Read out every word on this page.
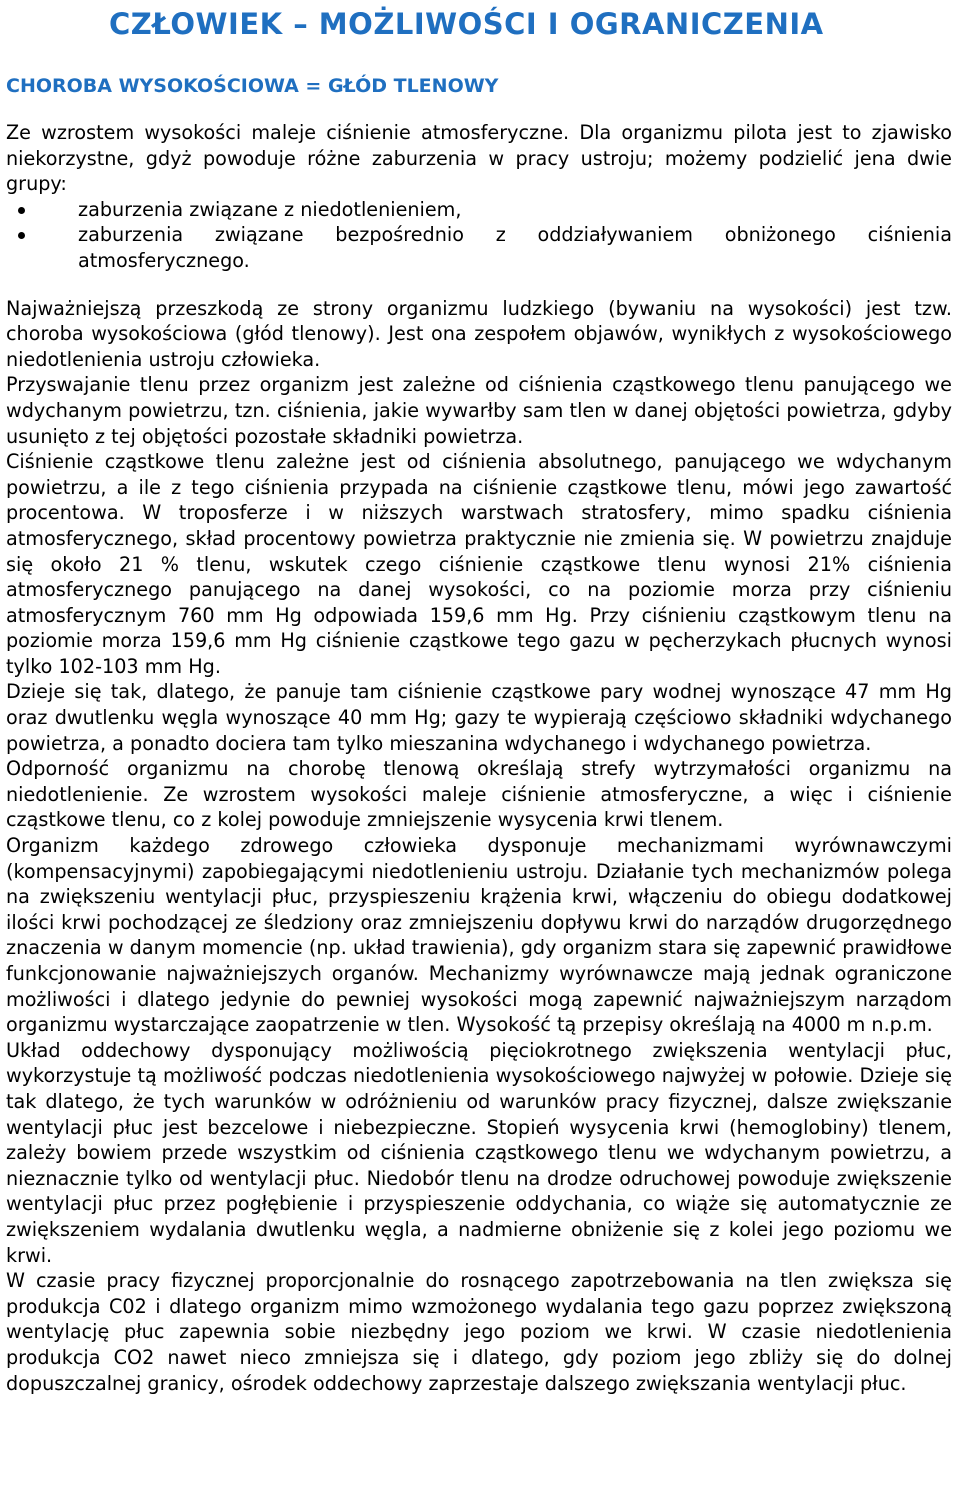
CZŁOWIEK – MOŻLIWOŚCI I OGRANICZENIA
CHOROBA WYSOKOŚCIOWA = GŁÓD TLENOWY

Ze wzrostem wysokości maleje ciśnienie atmosferyczne. Dla organizmu pilota jest to zjawisko niekorzystne, gdyż powoduje różne zaburzenia w pracy ustroju; możemy podzielić jena dwie grupy:

zaburzenia związane z niedotlenieniem,
zaburzenia związane bezpośrednio z oddziaływaniem obniżonego ciśnienia atmosferycznego.

Najważniejszą przeszkodą ze strony organizmu ludzkiego (bywaniu na wysokości) jest tzw. choroba wysokościowa (głód tlenowy). Jest ona zespołem objawów, wynikłych z wysokościowego niedotlenienia ustroju człowieka.

Przyswajanie tlenu przez organizm jest zależne od ciśnienia cząstkowego tlenu panującego we wdychanym powietrzu, tzn. ciśnienia, jakie wywarłby sam tlen w danej objętości powietrza, gdyby usunięto z tej objętości pozostałe składniki powietrza.

Ciśnienie cząstkowe tlenu zależne jest od ciśnienia absolutnego, panującego we wdychanym powietrzu, a ile z tego ciśnienia przypada na ciśnienie cząstkowe tlenu, mówi jego zawartość procentowa. W troposferze i w niższych warstwach stratosfery, mimo spadku ciśnienia atmosferycznego, skład procentowy powietrza praktycznie nie zmienia się. W powietrzu znajduje się około 21 % tlenu, wskutek czego ciśnienie cząstkowe tlenu wynosi 21% ciśnienia atmosferycznego panującego na danej wysokości, co na poziomie morza przy ciśnieniu atmosferycznym 760 mm Hg odpowiada 159,6 mm Hg. Przy ciśnieniu cząstkowym tlenu na poziomie morza 159,6 mm Hg ciśnienie cząstkowe tego gazu w pęcherzykach płucnych wynosi tylko 102-103 mm Hg.

Dzieje się tak, dlatego, że panuje tam ciśnienie cząstkowe pary wodnej wynoszące 47 mm Hg oraz dwutlenku węgla wynoszące 40 mm Hg; gazy te wypierają częściowo składniki wdychanego powietrza, a ponadto dociera tam tylko mieszanina wdychanego i wdychanego powietrza.

Odporność organizmu na chorobę tlenową określają strefy wytrzymałości organizmu na niedotlenienie. Ze wzrostem wysokości maleje ciśnienie atmosferyczne, a więc i ciśnienie cząstkowe tlenu, co z kolej powoduje zmniejszenie wysycenia krwi tlenem.

Organizm każdego zdrowego człowieka dysponuje mechanizmami wyrównawczymi (kompensacyjnymi) zapobiegającymi niedotlenieniu ustroju. Działanie tych mechanizmów polega na zwiększeniu wentylacji płuc, przyspieszeniu krążenia krwi, włączeniu do obiegu dodatkowej ilości krwi pochodzącej ze śledziony oraz zmniejszeniu dopływu krwi do narządów drugorzędnego znaczenia w danym momencie (np. układ trawienia), gdy organizm stara się zapewnić prawidłowe funkcjonowanie najważniejszych organów. Mechanizmy wyrównawcze mają jednak ograniczone możliwości i dlatego jedynie do pewniej wysokości mogą zapewnić najważniejszym narządom organizmu wystarczające zaopatrzenie w tlen. Wysokość tą przepisy określają na 4000 m n.p.m.

Układ oddechowy dysponujący możliwością pięciokrotnego zwiększenia wentylacji płuc, wykorzystuje tą możliwość podczas niedotlenienia wysokościowego najwyżej w połowie. Dzieje się tak dlatego, że tych warunków w odróżnieniu od warunków pracy fizycznej, dalsze zwiększanie wentylacji płuc jest bezcelowe i niebezpieczne. Stopień wysycenia krwi (hemoglobiny) tlenem, zależy bowiem przede wszystkim od ciśnienia cząstkowego tlenu we wdychanym powietrzu, a nieznacznie tylko od wentylacji płuc. Niedobór tlenu na drodze odruchowej powoduje zwiększenie wentylacji płuc przez pogłębienie i przyspieszenie oddychania, co wiąże się automatycznie ze zwiększeniem wydalania dwutlenku węgla, a nadmierne obniżenie się z kolei jego poziomu we krwi.

W czasie pracy fizycznej proporcjonalnie do rosnącego zapotrzebowania na tlen zwiększa się produkcja C02 i dlatego organizm mimo wzmożonego wydalania tego gazu poprzez zwiększoną wentylację płuc zapewnia sobie niezbędny jego poziom we krwi. W czasie niedotlenienia produkcja CO2 nawet nieco zmniejsza się i dlatego, gdy poziom jego zbliży się do dolnej dopuszczalnej granicy, ośrodek oddechowy zaprzestaje dalszego zwiększania wentylacji płuc.
